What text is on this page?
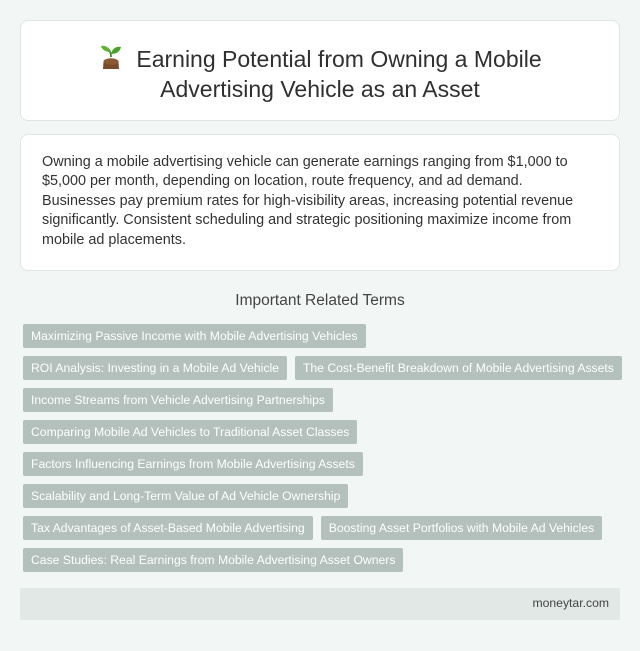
Earning Potential from Owning a Mobile
Advertising Vehicle as an Asset

Owning a mobile advertising vehicle can generate earnings ranging from $1,000 to $5,000 per month, depending on location, route frequency, and ad demand. Businesses pay premium rates for high-visibility areas, increasing potential revenue significantly. Consistent scheduling and strategic positioning maximize income from mobile ad placements.

Important Related Terms
Maximizing Passive Income with Mobile Advertising Vehicles
ROI Analysis: Investing in a Mobile Ad Vehicle	The Cost-Benefit Breakdown of Mobile Advertising Assets
Income Streams from Vehicle Advertising Partnerships
Comparing Mobile Ad Vehicles to Traditional Asset Classes
Factors Influencing Earnings from Mobile Advertising Assets
Scalability and Long-Term Value of Ad Vehicle Ownership
Tax Advantages of Asset-Based Mobile Advertising	Boosting Asset Portfolios with Mobile Ad Vehicles
Case Studies: Real Earnings from Mobile Advertising Asset Owners
moneytar.com
